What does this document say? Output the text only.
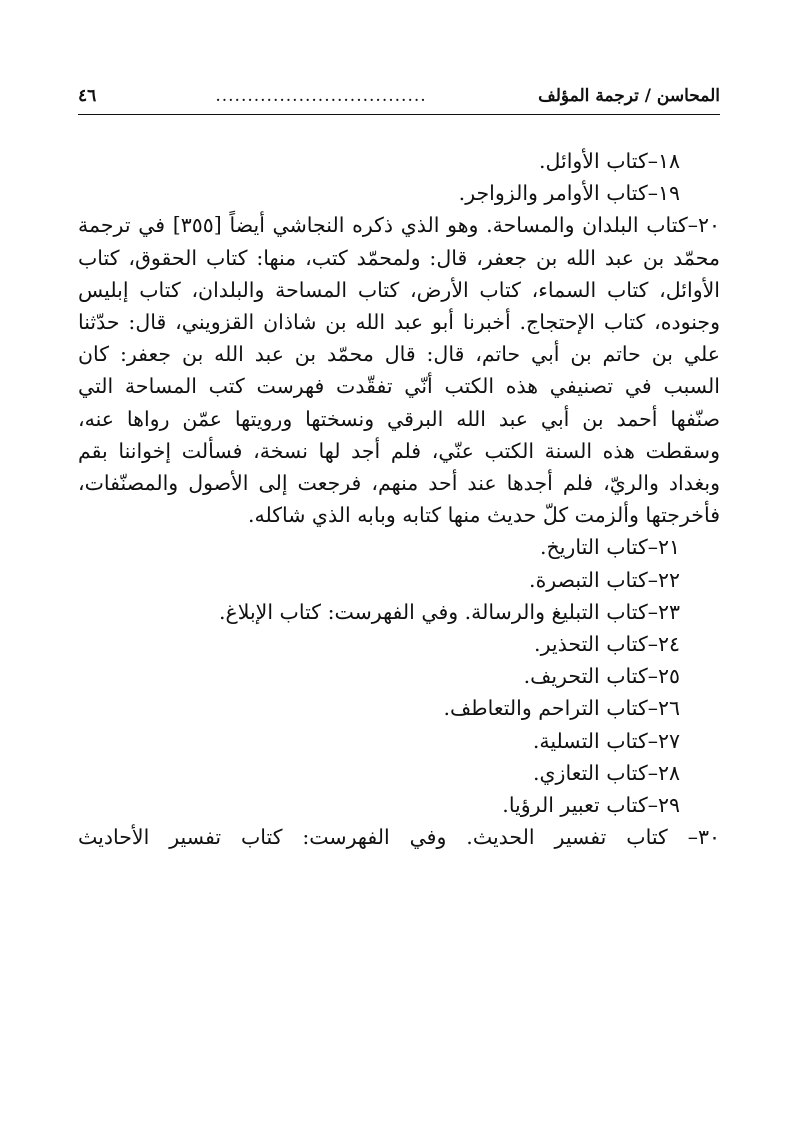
المحاسن / ترجمة المؤلف
.................................
٤٦

١٨–كتاب الأوائل.

١٩–كتاب الأوامر والزواجر.

٢٠–كتاب البلدان والمساحة. وهو الذي ذكره النجاشي أيضاً [٣٥٥] في ترجمة محمّد بن عبد الله بن جعفر، قال: ولمحمّد كتب، منها: كتاب الحقوق، كتاب الأوائل، كتاب السماء، كتاب الأرض، كتاب المساحة والبلدان، كتاب إبليس وجنوده، كتاب الإحتجاج. أخبرنا أبو عبد الله بن شاذان القزويني، قال: حدّثنا علي بن حاتم بن أبي حاتم، قال: قال محمّد بن عبد الله بن جعفر: كان السبب في تصنيفي هذه الكتب أنّي تفقّدت فهرست كتب المساحة التي صنّفها أحمد بن أبي عبد الله البرقي ونسختها ورويتها عمّن رواها عنه، وسقطت هذه السنة الكتب عنّي، فلم أجد لها نسخة، فسألت إخواننا بقم وبغداد والريّ، فلم أجدها عند أحد منهم، فرجعت إلى الأصول والمصنّفات، فأخرجتها وألزمت كلّ حديث منها كتابه وبابه الذي شاكله.

٢١–كتاب التاريخ.

٢٢–كتاب التبصرة.

٢٣–كتاب التبليغ والرسالة. وفي الفهرست: كتاب الإبلاغ.

٢٤–كتاب التحذير.

٢٥–كتاب التحريف.

٢٦–كتاب التراحم والتعاطف.

٢٧–كتاب التسلية.

٢٨–كتاب التعازي.

٢٩–كتاب تعبير الرؤيا.

٣٠– كتاب تفسير الحديث. وفي الفهرست: كتاب تفسير الأحاديث
